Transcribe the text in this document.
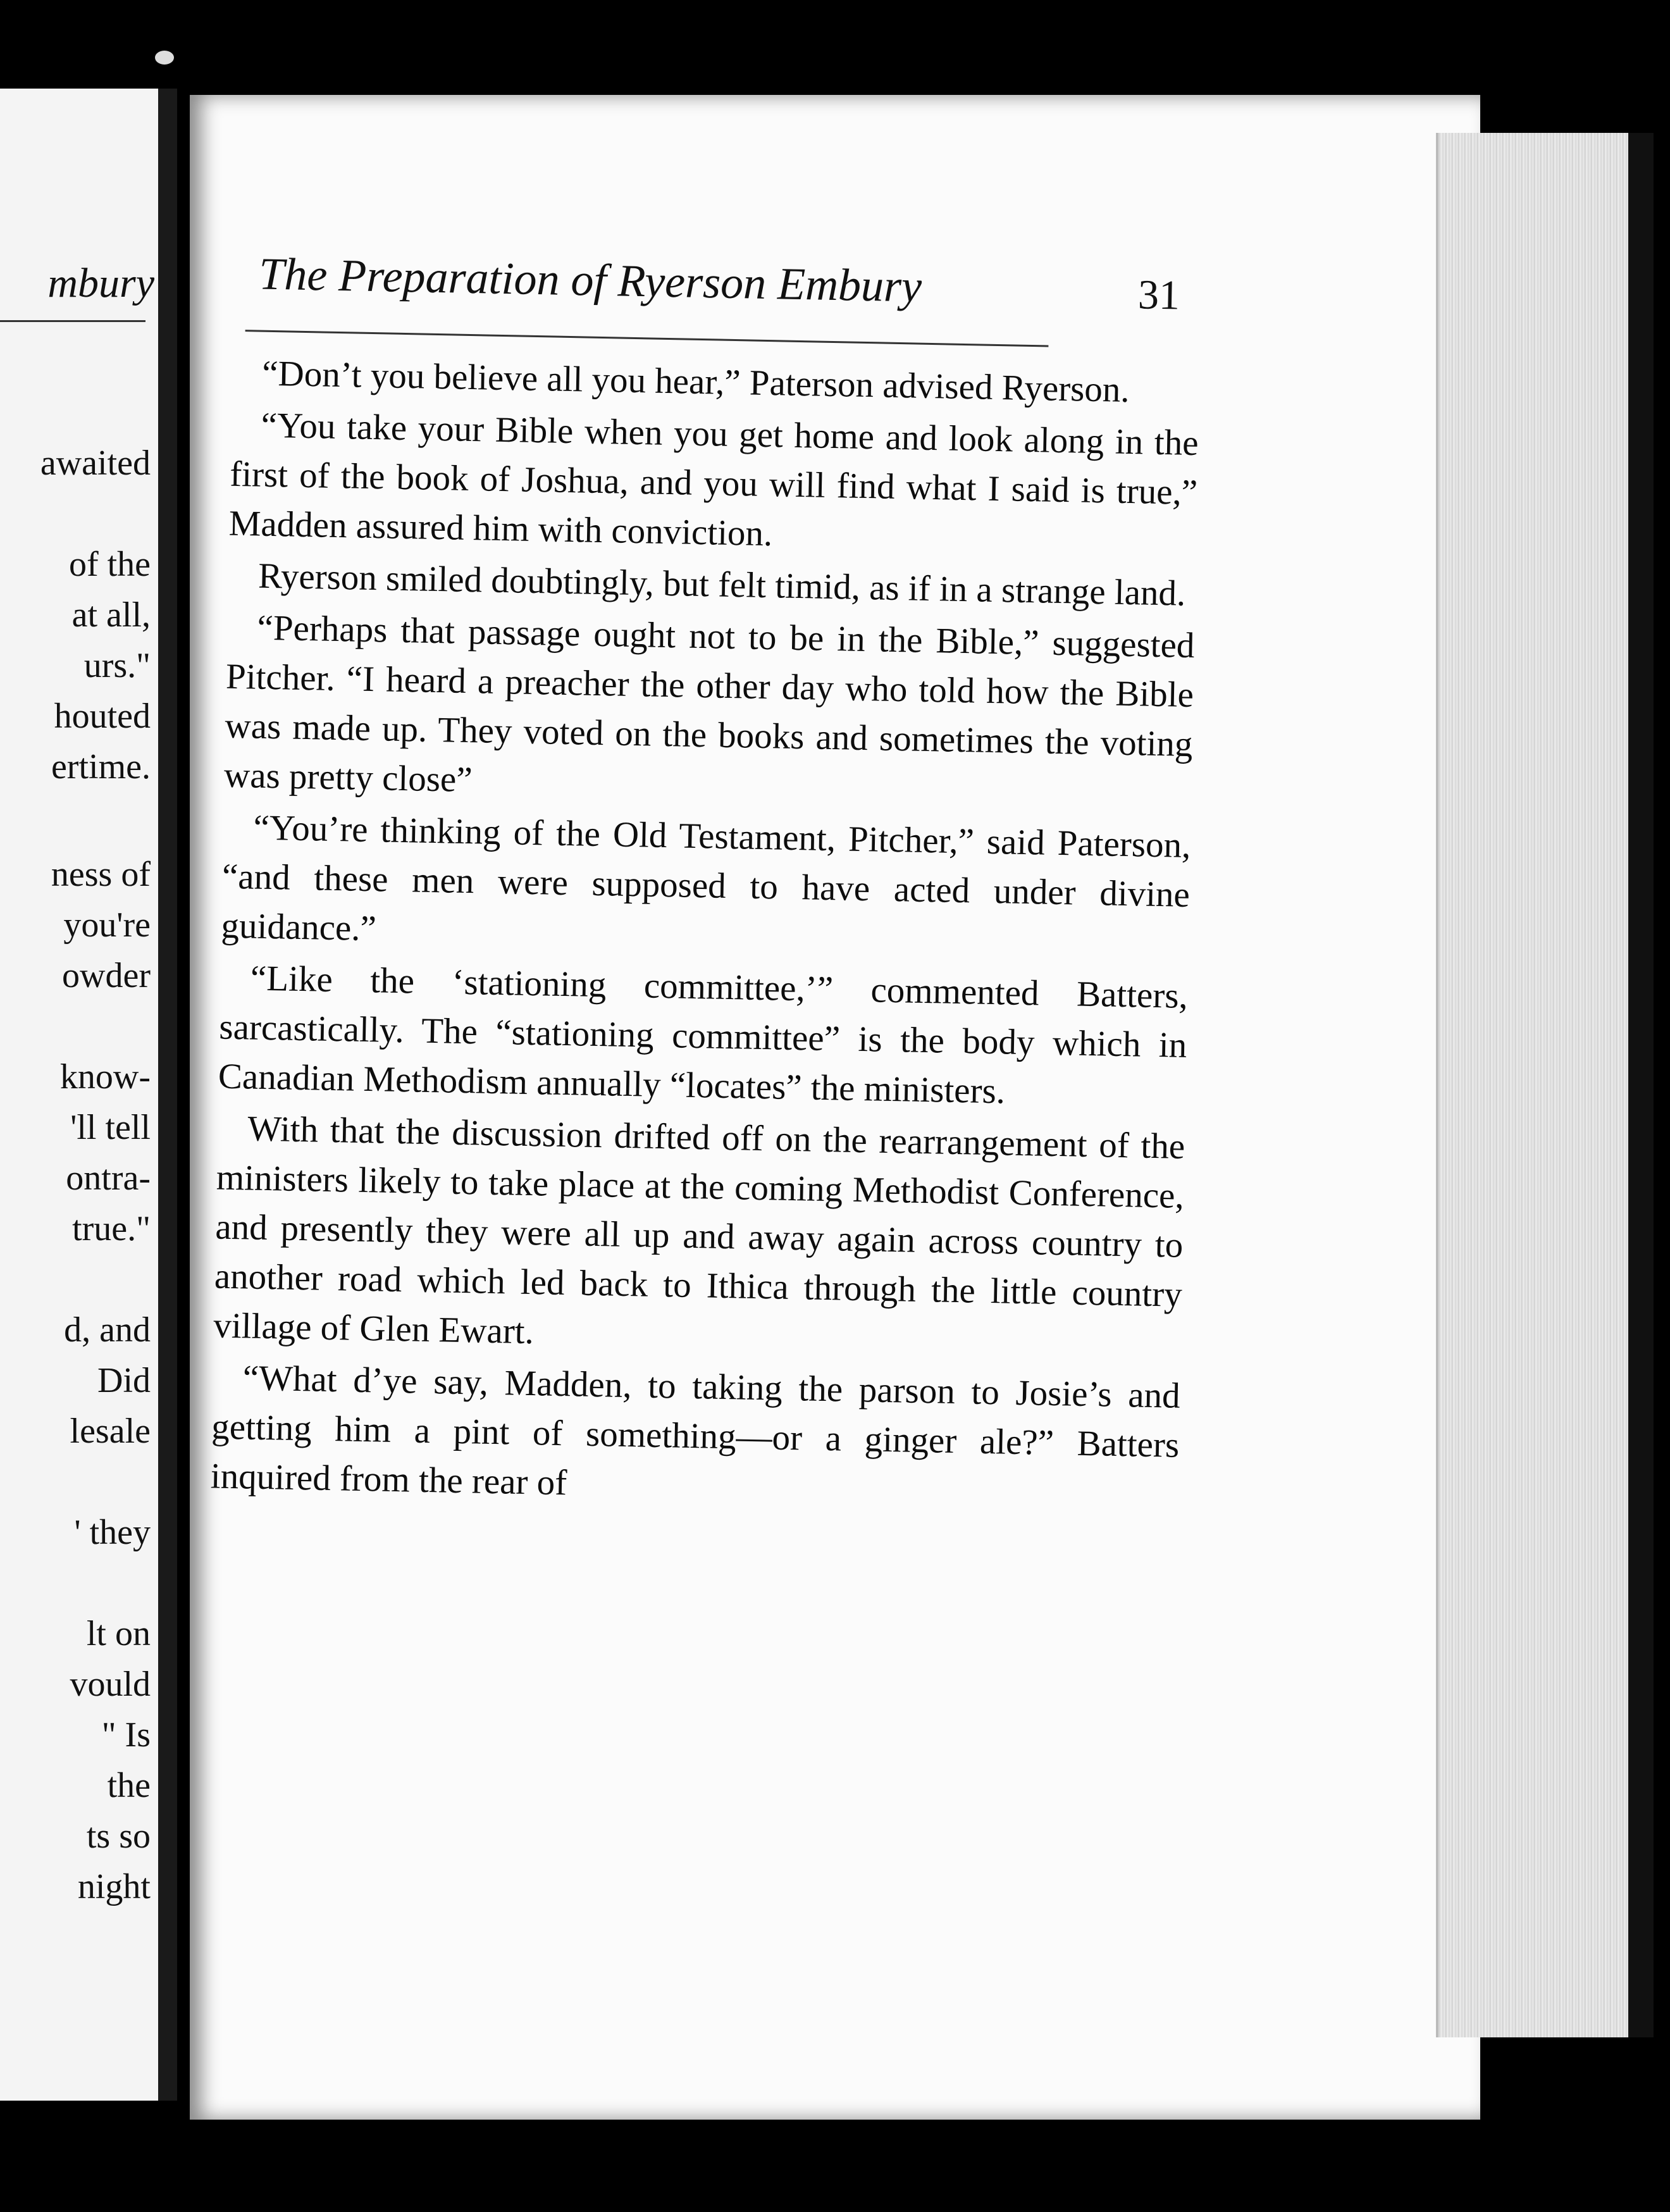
mbury
awaited
of the
at all,
urs."
houted
ertime.
ness of
you're
owder
know-
'll tell
ontra-
true."
d, and
Did
lesale
' they
lt on
vould
" Is
the
ts so
night
The Preparation of Ryerson Embury	31

“Don’t you believe all you hear,” Paterson advised Ryerson.

“You take your Bible when you get home and look along in the first of the book of Joshua, and you will find what I said is true,” Madden assured him with conviction.

Ryerson smiled doubtingly, but felt timid, as if in a strange land.

“Perhaps that passage ought not to be in the Bible,” suggested Pitcher. “I heard a preacher the other day who told how the Bible was made up. They voted on the books and sometimes the voting was pretty close”

“You’re thinking of the Old Testament, Pitcher,” said Paterson, “and these men were supposed to have acted under divine guidance.”

“Like the ‘stationing committee,’” commented Batters, sarcastically. The “stationing committee” is the body which in Canadian Methodism annually “locates” the ministers.

With that the discussion drifted off on the rearrangement of the ministers likely to take place at the coming Methodist Conference, and presently they were all up and away again across country to another road which led back to Ithica through the little country village of Glen Ewart.

“What d’ye say, Madden, to taking the parson to Josie’s and getting him a pint of something—or a ginger ale?” Batters inquired from the rear of
